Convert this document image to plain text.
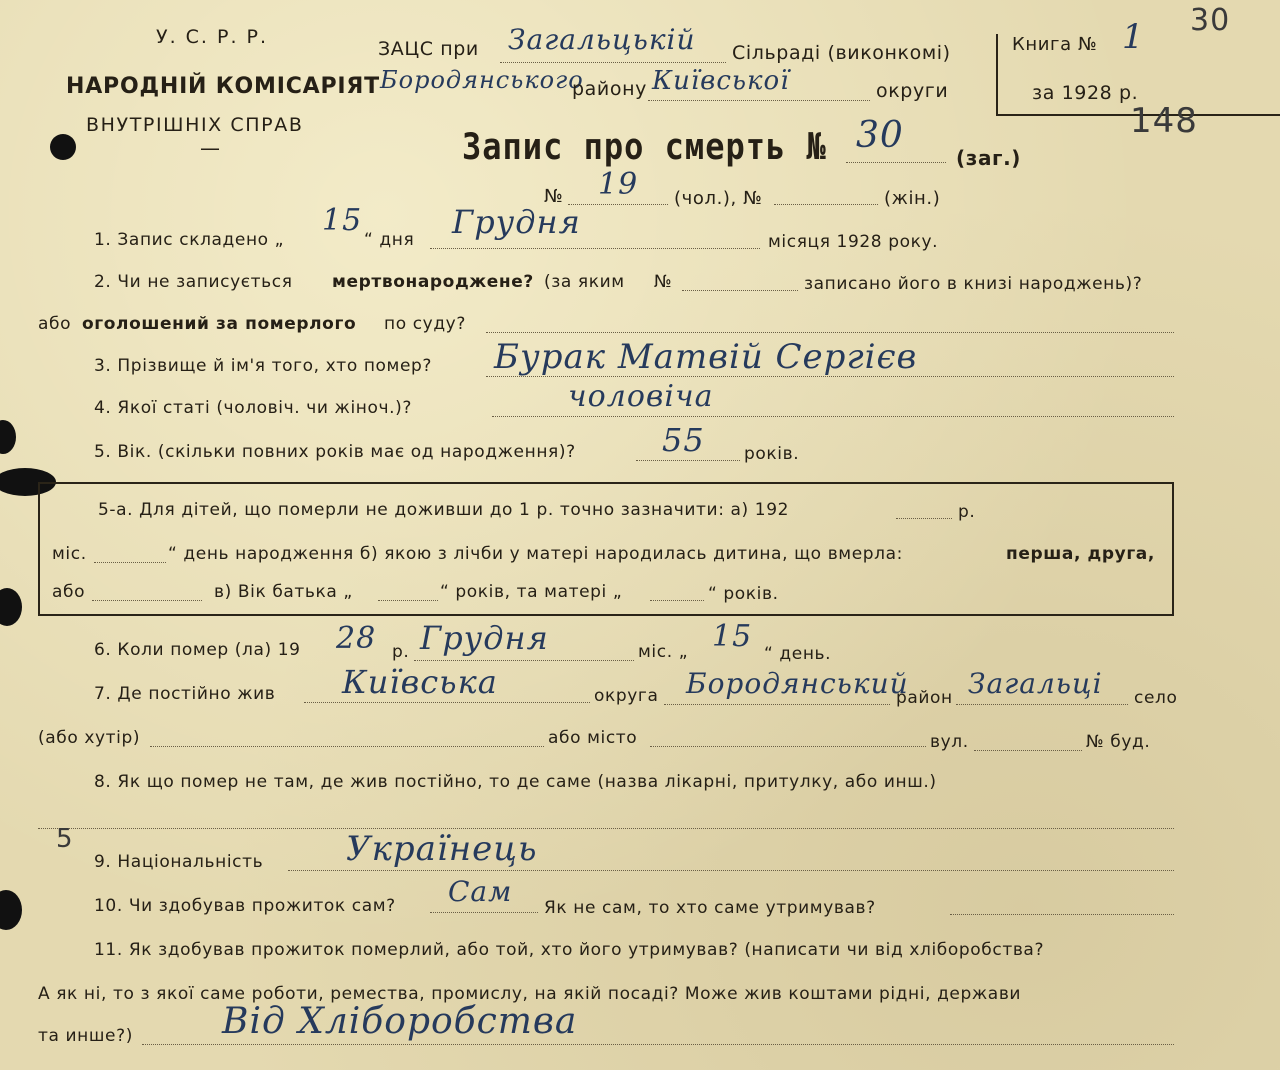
У. С. Р. Р.
НАРОДНІЙ КОМІСАРІЯТ
ВНУТРІШНІХ СПРАВ
—
ЗАЦС при Загальцькій Сільраді (виконкомі)
Бородянського
району Київської	округи
Книга № 1
за 1928 р.
30
148
Запис про смерть № 30
(заг.)
№ 19 (чол.), №	(жін.)
1. Запис складено „
15
“ дня Грудня
місяця 1928 року.
2. Чи не записується мертвонароджене? (за яким №	записано його в книзі народжень)?
або оголошений за померлого по суду?
3. Прізвище й ім'я того, хто помер? Бурак Матвій Сергієв
4. Якої статі (чоловіч. чи жіноч.)?	чоловіча
5. Вік. (скільки повних років має од народження)?	55 років.
5-а. Для дітей, що померли не доживши до 1 р. точно зазначити: а) 192	р.
міс.	“ день народження б) якою з лічби у матері народилась дитина, що вмерла:	перша, друга,
або	в) Вік батька „	“ років, та матері „	“ років.
6. Коли помер (ла) 19 28 р. Грудня	міс. „ 15 “ день.
7. Де постійно жив Київська	округа Бородянський
район Загальці село
(або хутір)	або місто	вул.	№ буд.
8. Як що помер не там, де жив постійно, то де саме (назва лікарні, притулку, або инш.)
5
9. Національність Українець
10. Чи здобував прожиток сам? Сам Як не сам, то хто саме утримував?
11. Як здобував прожиток померлий, або той, хто його утримував? (написати чи від хліборобства?
А як ні, то з якої саме роботи, ремества, промислу, на якій посаді? Може жив коштами рідні, держави
та инше?) Від Хліборобства
